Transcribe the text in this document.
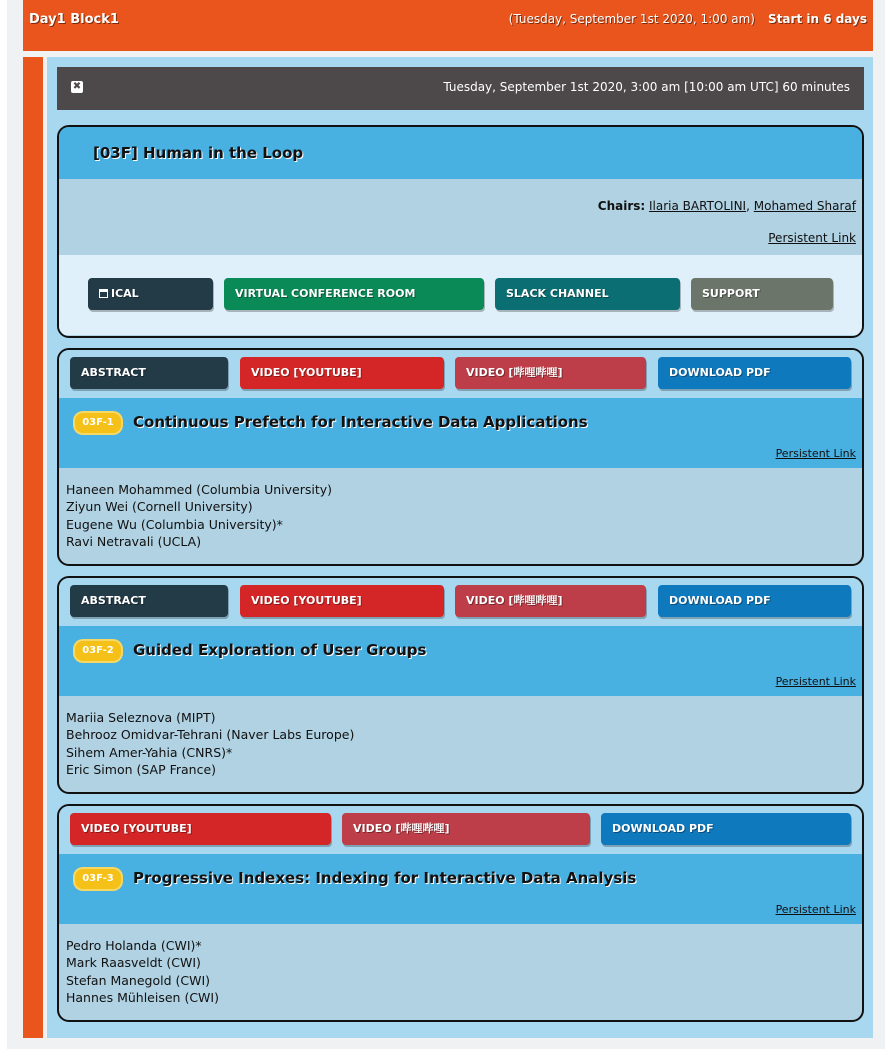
Day1 Block1	(Tuesday, September 1st 2020, 1:00 am) Start in 6 days
✖	Tuesday, September 1st 2020, 3:00 am [10:00 am UTC] 60 minutes
[03F] Human in the Loop
Chairs: Ilaria BARTOLINI, Mohamed Sharaf
Persistent Link
ICAL	VIRTUAL CONFERENCE ROOM	SLACK CHANNEL	SUPPORT
ABSTRACT	VIDEO [YOUTUBE]	VIDEO [哔哩哔哩]	DOWNLOAD PDF
03F-1	Continuous Prefetch for Interactive Data Applications
Persistent Link
Haneen Mohammed (Columbia University)
Ziyun Wei (Cornell University)
Eugene Wu (Columbia University)*
Ravi Netravali (UCLA)
ABSTRACT	VIDEO [YOUTUBE]	VIDEO [哔哩哔哩]	DOWNLOAD PDF
03F-2	Guided Exploration of User Groups
Persistent Link
Mariia Seleznova (MIPT)
Behrooz Omidvar-Tehrani (Naver Labs Europe)
Sihem Amer-Yahia (CNRS)*
Eric Simon (SAP France)
VIDEO [YOUTUBE]	VIDEO [哔哩哔哩]	DOWNLOAD PDF
03F-3	Progressive Indexes: Indexing for Interactive Data Analysis
Persistent Link
Pedro Holanda (CWI)*
Mark Raasveldt (CWI)
Stefan Manegold (CWI)
Hannes Mühleisen (CWI)
